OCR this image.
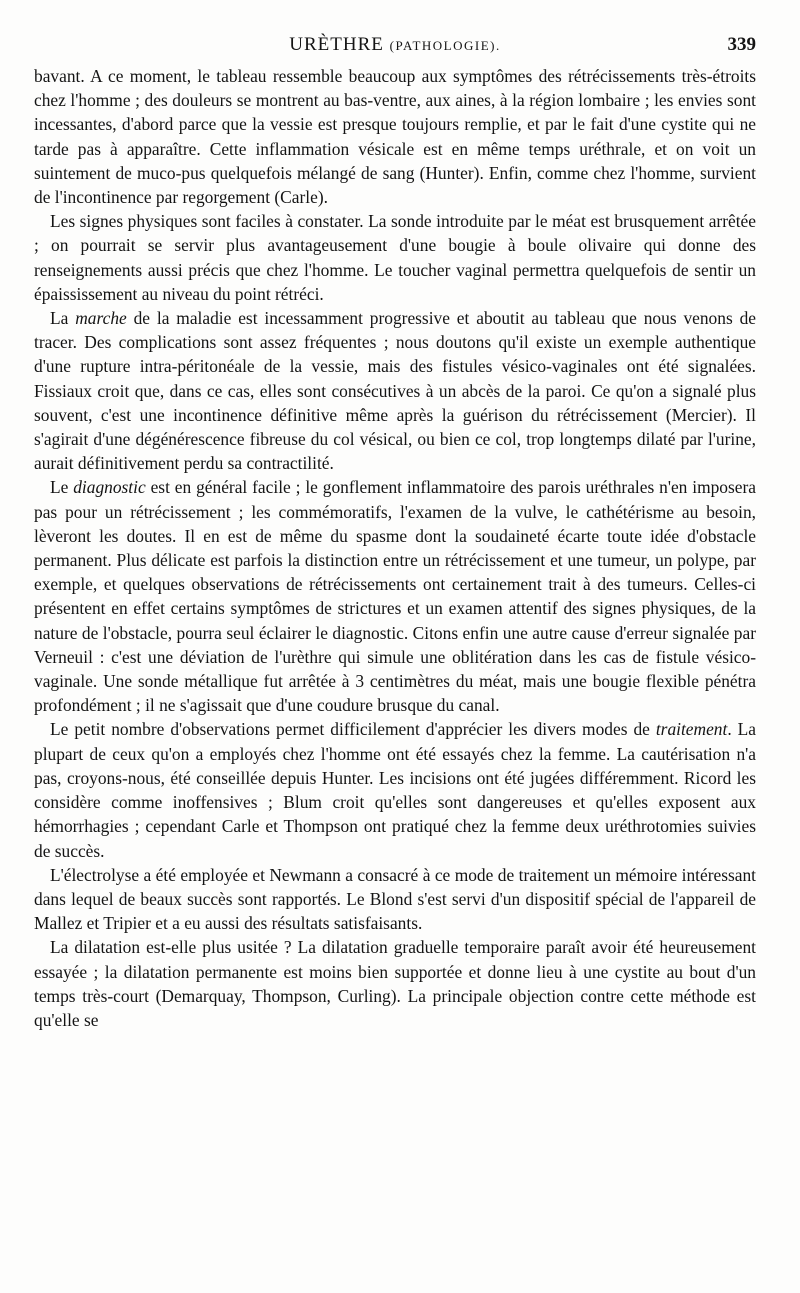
URÈTHRE (PATHOLOGIE).	339

bavant. A ce moment, le tableau ressemble beaucoup aux symptômes des rétrécissements très-étroits chez l'homme ; des douleurs se montrent au bas-ventre, aux aines, à la région lombaire ; les envies sont incessantes, d'abord parce que la vessie est presque toujours remplie, et par le fait d'une cystite qui ne tarde pas à apparaître. Cette inflammation vésicale est en même temps uréthrale, et on voit un suintement de muco-pus quelquefois mélangé de sang (Hunter). Enfin, comme chez l'homme, survient de l'incontinence par regorgement (Carle).

Les signes physiques sont faciles à constater. La sonde introduite par le méat est brusquement arrêtée ; on pourrait se servir plus avantageusement d'une bougie à boule olivaire qui donne des renseignements aussi précis que chez l'homme. Le toucher vaginal permettra quelquefois de sentir un épaississement au niveau du point rétréci.

La marche de la maladie est incessamment progressive et aboutit au tableau que nous venons de tracer. Des complications sont assez fréquentes ; nous doutons qu'il existe un exemple authentique d'une rupture intra-péritonéale de la vessie, mais des fistules vésico-vaginales ont été signalées. Fissiaux croit que, dans ce cas, elles sont consécutives à un abcès de la paroi. Ce qu'on a signalé plus souvent, c'est une incontinence définitive même après la guérison du rétrécissement (Mercier). Il s'agirait d'une dégénérescence fibreuse du col vésical, ou bien ce col, trop longtemps dilaté par l'urine, aurait définitivement perdu sa contractilité.

Le diagnostic est en général facile ; le gonflement inflammatoire des parois uréthrales n'en imposera pas pour un rétrécissement ; les commémoratifs, l'examen de la vulve, le cathétérisme au besoin, lèveront les doutes. Il en est de même du spasme dont la soudaineté écarte toute idée d'obstacle permanent. Plus délicate est parfois la distinction entre un rétrécissement et une tumeur, un polype, par exemple, et quelques observations de rétrécissements ont certainement trait à des tumeurs. Celles-ci présentent en effet certains symptômes de strictures et un examen attentif des signes physiques, de la nature de l'obstacle, pourra seul éclairer le diagnostic. Citons enfin une autre cause d'erreur signalée par Verneuil : c'est une déviation de l'urèthre qui simule une oblitération dans les cas de fistule vésico-vaginale. Une sonde métallique fut arrêtée à 3 centimètres du méat, mais une bougie flexible pénétra profondément ; il ne s'agissait que d'une coudure brusque du canal.

Le petit nombre d'observations permet difficilement d'apprécier les divers modes de traitement. La plupart de ceux qu'on a employés chez l'homme ont été essayés chez la femme. La cautérisation n'a pas, croyons-nous, été conseillée depuis Hunter. Les incisions ont été jugées différemment. Ricord les considère comme inoffensives ; Blum croit qu'elles sont dangereuses et qu'elles exposent aux hémorrhagies ; cependant Carle et Thompson ont pratiqué chez la femme deux uréthrotomies suivies de succès.

L'électrolyse a été employée et Newmann a consacré à ce mode de traitement un mémoire intéressant dans lequel de beaux succès sont rapportés. Le Blond s'est servi d'un dispositif spécial de l'appareil de Mallez et Tripier et a eu aussi des résultats satisfaisants.

La dilatation est-elle plus usitée ? La dilatation graduelle temporaire paraît avoir été heureusement essayée ; la dilatation permanente est moins bien supportée et donne lieu à une cystite au bout d'un temps très-court (Demarquay, Thompson, Curling). La principale objection contre cette méthode est qu'elle se
